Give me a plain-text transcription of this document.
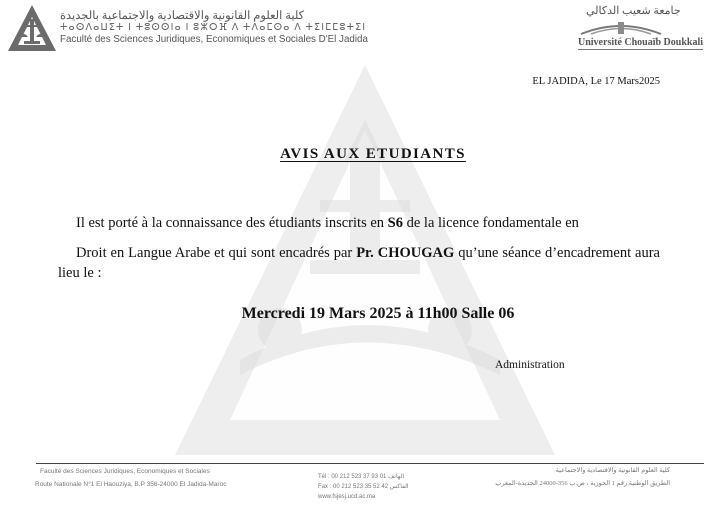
كلية العلوم القانونية والاقتصادية والاجتماعية بالجديدة
ⵜⴰⵙⴷⴰⵡⵉⵜ ⵏ ⵜⵓⵙⵙⵏⴰ ⵏ ⵓⵣⵔⴼ ⴷ ⵜⴷⴰⵎⵙⴰ ⴷ ⵜⵉⵏⵎⵎⵓⵜⵉⵏ
Faculté des Sciences Juridiques, Economiques et Sociales D'El Jadida
جامعة شعيب الدكالي
Université Chouaïb Doukkali
EL JADIDA, Le 17 Mars2025
AVIS AUX ETUDIANTS
Il est porté à la connaissance des étudiants inscrits en S6 de la licence fondamentale en
Droit en Langue Arabe et qui sont encadrés par Pr. CHOUGAG qu’une séance d’encadrement aura lieu le :
Mercredi 19 Mars 2025 à 11h00 Salle 06
Administration
Faculté des Sciences Juridiques, Economiques et Sociales
Route Nationale N°1 El Haouziya, B.P 356-24000 El Jadida-Maroc
Tél : 00 212 523 37 93 01 الهاتف
Fax : 00 212 523 35 52 42 الفاكس
www.fsjesj.ucd.ac.ma
كلية العلوم القانونية والاقتصادية والاجتماعية
الطريق الوطنية رقم 1 الحوزية ، ص.ب 356-24000 الجديدة-المغرب
